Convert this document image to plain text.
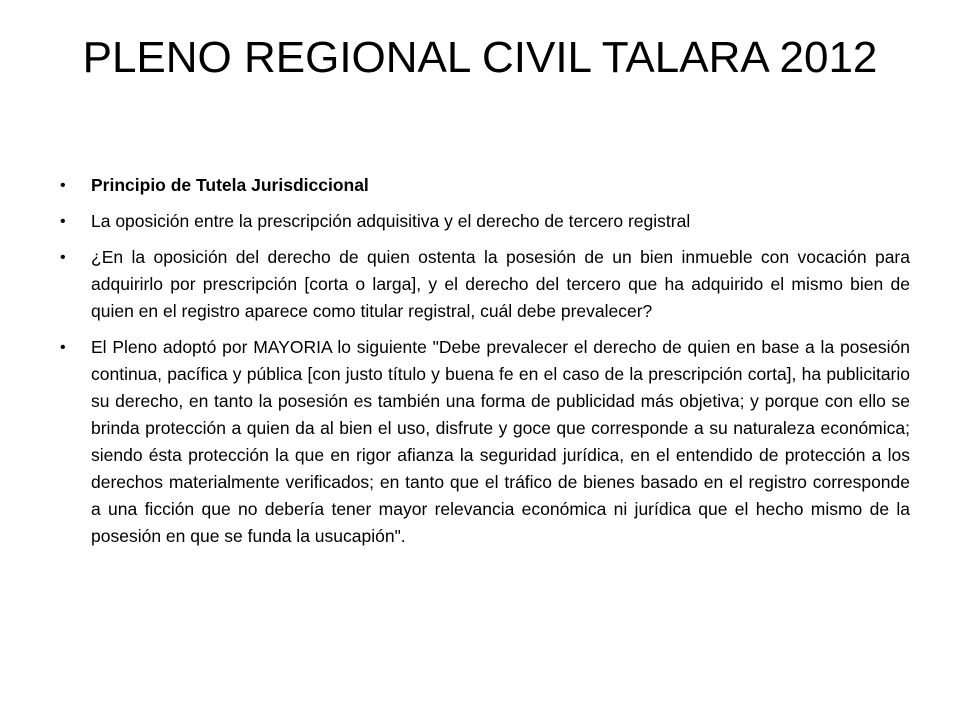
PLENO REGIONAL CIVIL TALARA 2012
•	Principio de Tutela Jurisdiccional
•	La oposición entre la prescripción adquisitiva y el derecho de tercero registral
•	¿En la oposición del derecho de quien ostenta la posesión de un bien inmueble con vocación para adquirirlo por prescripción [corta o larga], y el derecho del tercero que ha adquirido el mismo bien de quien en el registro aparece como titular registral, cuál debe prevalecer?
•	El Pleno adoptó por MAYORIA lo siguiente "Debe prevalecer el derecho de quien en base a la posesión continua, pacífica y pública [con justo título y buena fe en el caso de la prescripción corta], ha publicitario su derecho, en tanto la posesión es también una forma de publicidad más objetiva; y porque con ello se brinda protección a quien da al bien el uso, disfrute y goce que corresponde a su naturaleza económica; siendo ésta protección la que en rigor afianza la seguridad jurídica, en el entendido de protección a los derechos materialmente verificados; en tanto que el tráfico de bienes basado en el registro corresponde a una ficción que no debería tener mayor relevancia económica ni jurídica que el hecho mismo de la posesión en que se funda la usucapión".
